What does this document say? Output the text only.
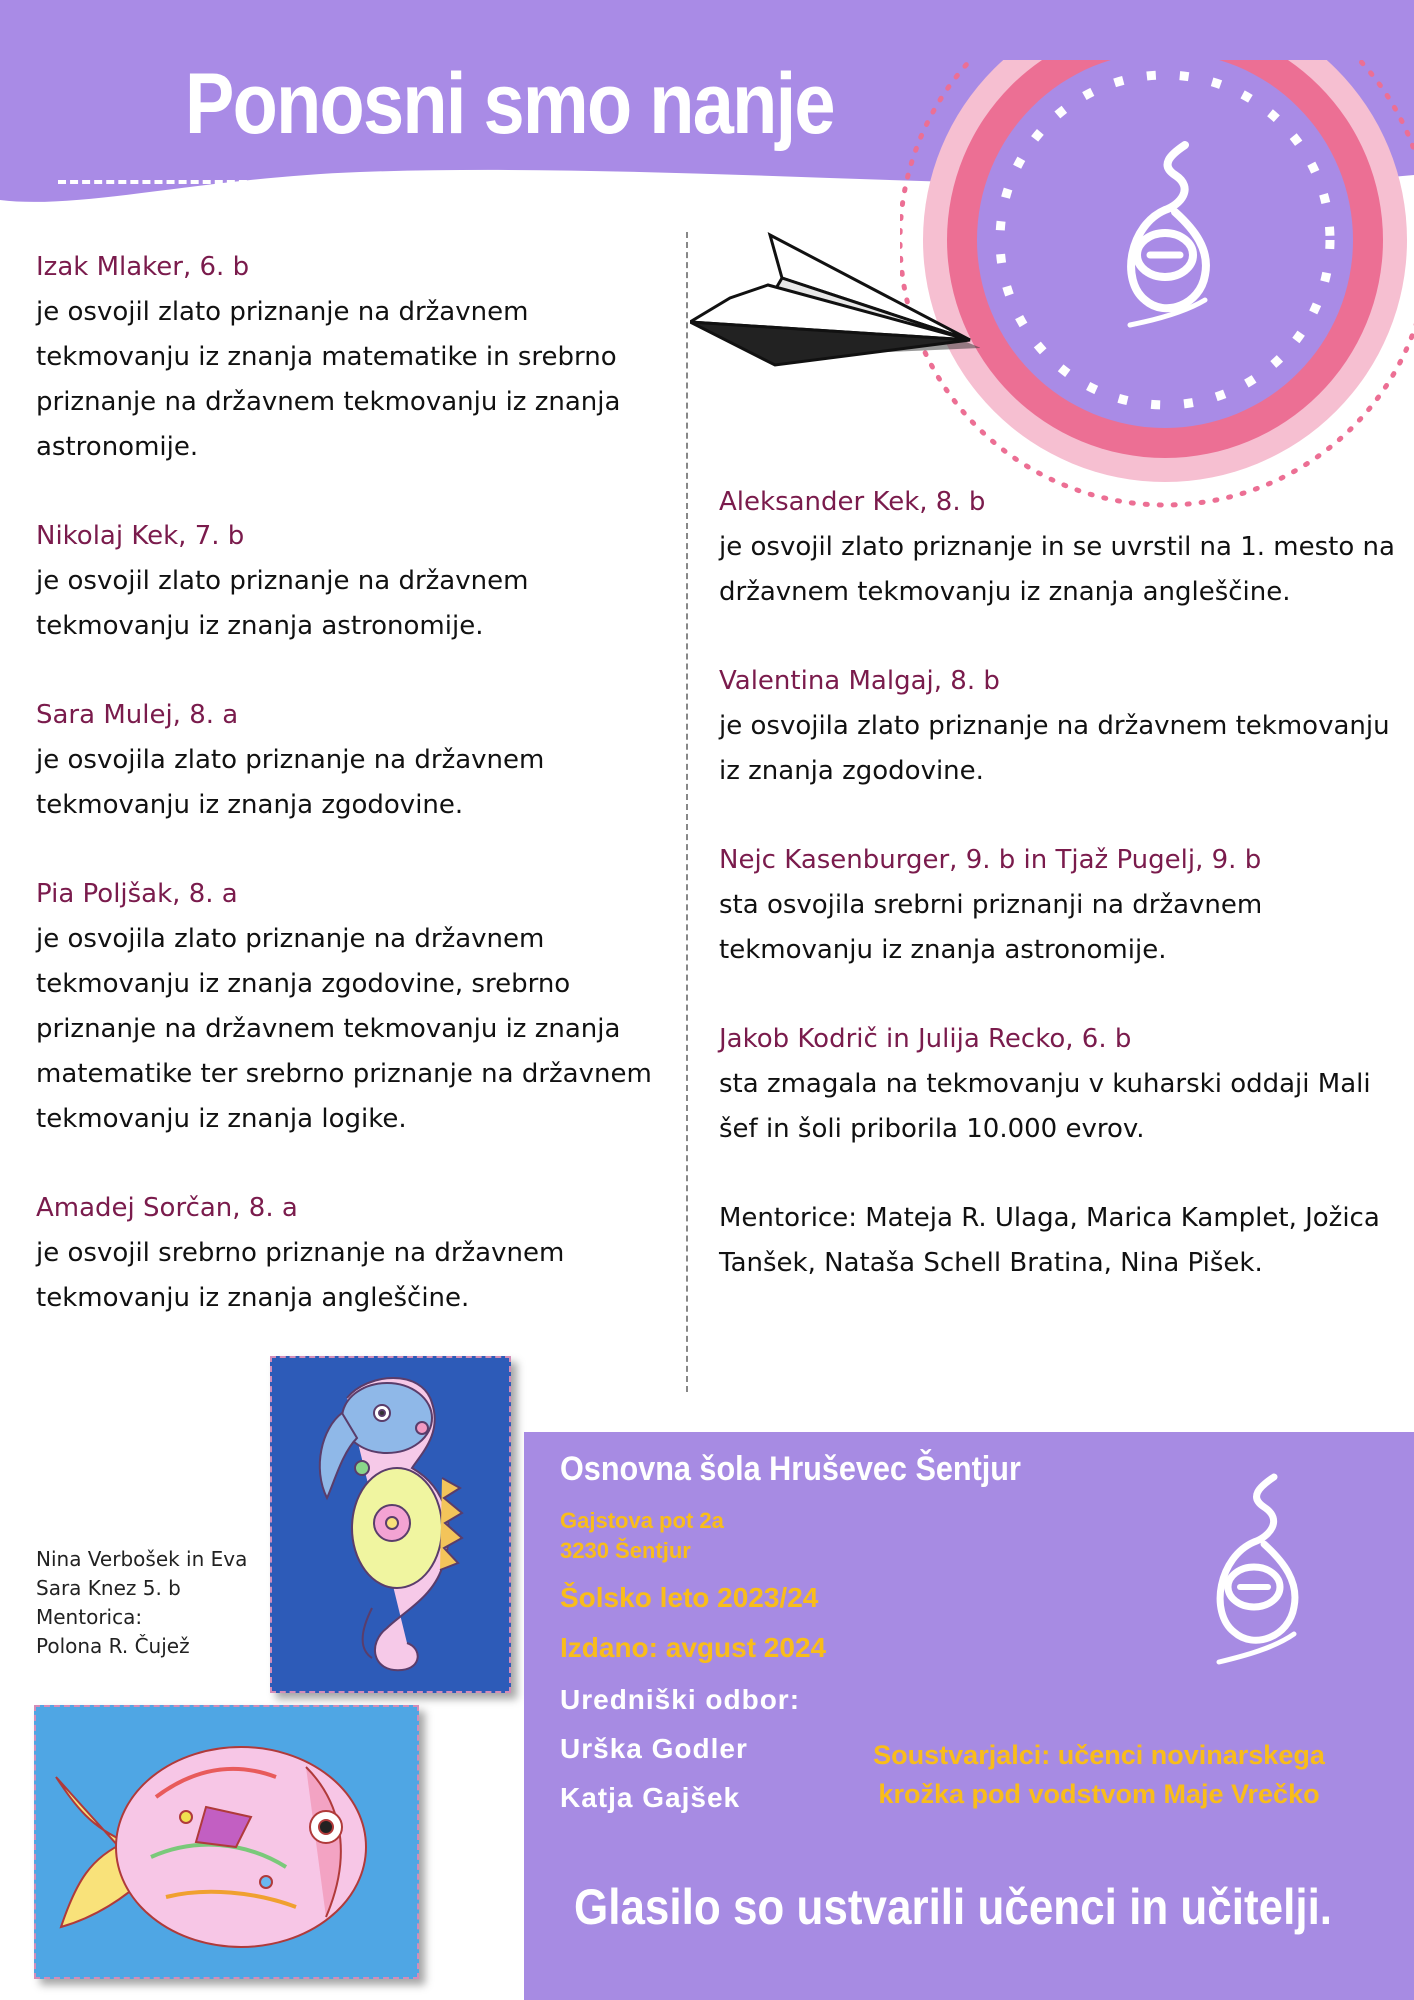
Ponosni smo nanje
Izak Mlaker, 6. b
je osvojil zlato priznanje na državnem tekmovanju iz znanja matematike in srebrno priznanje na državnem tekmovanju iz znanja astronomije.
Nikolaj Kek, 7. b
je osvojil zlato priznanje na državnem tekmovanju iz znanja astronomije.
Sara Mulej, 8. a
je osvojila zlato priznanje na državnem tekmovanju iz znanja zgodovine.
Pia Poljšak, 8. a
je osvojila zlato priznanje na državnem tekmovanju iz znanja zgodovine, srebrno priznanje na državnem tekmovanju iz znanja matematike ter srebrno priznanje na državnem tekmovanju iz znanja logike.
Amadej Sorčan, 8. a
je osvojil srebrno priznanje na državnem tekmovanju iz znanja angleščine.
Aleksander Kek, 8. b
je osvojil zlato priznanje in se uvrstil na 1. mesto na državnem tekmovanju iz znanja angleščine.
Valentina Malgaj, 8. b
je osvojila zlato priznanje na državnem tekmovanju iz znanja zgodovine.
Nejc Kasenburger, 9. b in Tjaž Pugelj, 9. b
sta osvojila srebrni priznanji na državnem tekmovanju iz znanja astronomije.
Jakob Kodrič in Julija Recko, 6. b
sta zmagala na tekmovanju v kuharski oddaji Mali šef in šoli priborila 10.000 evrov.
Mentorice: Mateja R. Ulaga, Marica Kamplet, Jožica Tanšek, Nataša Schell Bratina, Nina Pišek.
Nina Verbošek in Eva
Sara Knez 5. b
Mentorica:
Polona R. Čujež
Osnovna šola Hruševec Šentjur
Gajstova pot 2a
3230 Šentjur
Šolsko leto 2023/24
Izdano: avgust 2024
Uredniški odbor:
Urška Godler
Katja Gajšek
Soustvarjalci: učenci novinarskega krožka pod vodstvom Maje Vrečko
Glasilo so ustvarili učenci in učitelji.
